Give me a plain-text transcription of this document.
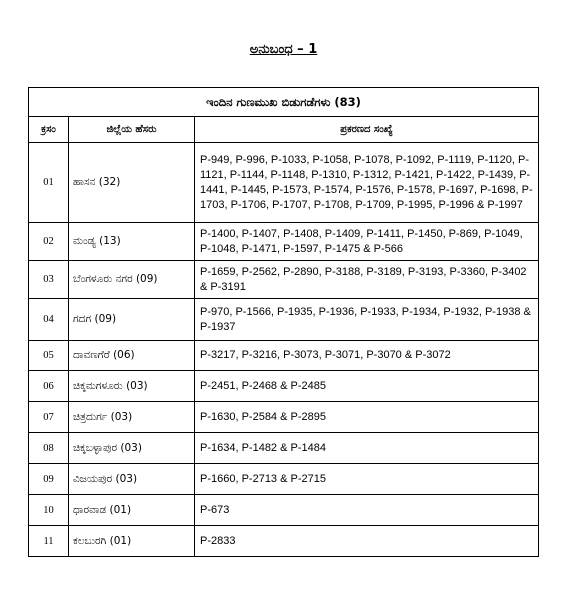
ಅನುಬಂಧ – 1
ಇಂದಿನ ಗುಣಮುಖ ಬಿಡುಗಡೆಗಳು (83)		
ಕ್ರಸಂ	ಜಿಲ್ಲೆಯ ಹೆಸರು	ಪ್ರಕರಣದ ಸಂಖ್ಯೆ
01	ಹಾಸನ (32)	P-949, P-996, P-1033, P-1058, P-1078, P-1092, P-1119, P-1120, P-1121, P-1144, P-1148, P-1310, P-1312, P-1421, P-1422, P-1439, P-1441, P-1445, P-1573, P-1574, P-1576, P-1578, P-1697, P-1698, P-1703, P-1706, P-1707, P-1708, P-1709, P-1995, P-1996 & P-1997
02	ಮಂಡ್ಯ (13)	P-1400, P-1407, P-1408, P-1409, P-1411, P-1450, P-869, P-1049, P-1048, P-1471, P-1597, P-1475 & P-566
03	ಬೆಂಗಳೂರು ನಗರ (09)	P-1659, P-2562, P-2890, P-3188, P-3189, P-3193, P-3360, P-3402 & P-3191
04	ಗದಗ (09)	P-970, P-1566, P-1935, P-1936, P-1933, P-1934, P-1932, P-1938 & P-1937
05	ದಾವಣಗೆರೆ (06)	P-3217, P-3216, P-3073, P-3071, P-3070 & P-3072
06	ಚಿಕ್ಕಮಗಳೂರು (03)	P-2451, P-2468 & P-2485
07	ಚಿತ್ರದುರ್ಗ (03)	P-1630, P-2584 & P-2895
08	ಚಿಕ್ಕಬಳ್ಳಾಪುರ (03)	P-1634, P-1482 & P-1484
09	ವಿಜಯಪುರ (03)	P-1660, P-2713 & P-2715
10	ಧಾರವಾಡ (01)	P-673
11	ಕಲಬುರಗಿ (01)	P-2833
